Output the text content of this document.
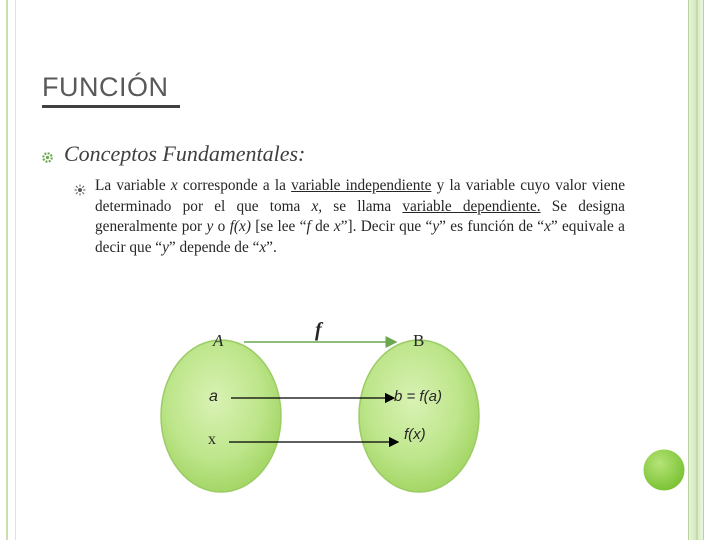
FUNCIÓN
Conceptos Fundamentales:
La variable x corresponde a la variable independiente y la variable cuyo valor viene determinado por el que toma x, se llama variable dependiente. Se designa generalmente por y o f(x) [se lee “f de x”]. Decir que “y” es función de “x” equivale a decir que “y” depende de “x”.
A	B
f
a
x
b = f(a)
f(x)
